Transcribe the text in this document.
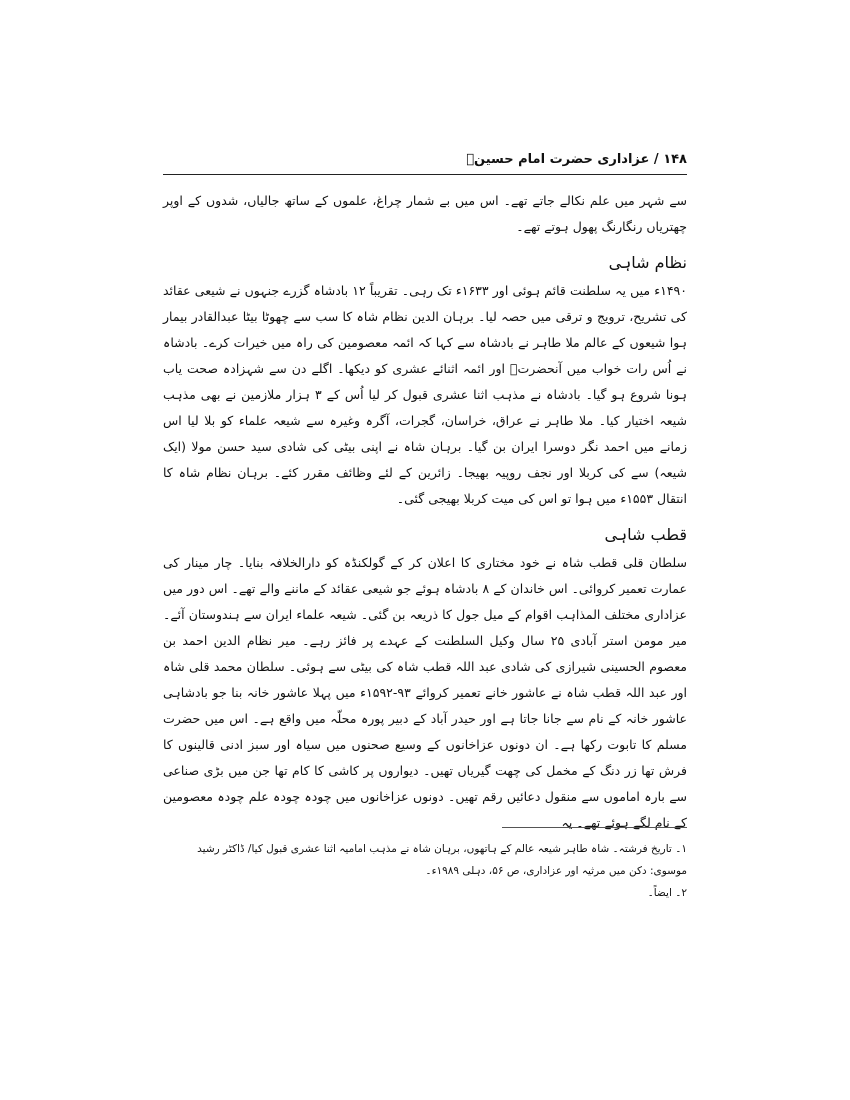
۱۴۸ / عزاداری حضرت امام حسینؑ

سے شہر میں علم نکالے جاتے تھے۔ اس میں بے شمار چراغ، علموں کے ساتھ جالیاں، شدوں کے اوپر چھتریاں رنگارنگ پھول ہوتے تھے۔

نظام شاہی

۱۴۹۰ء میں یہ سلطنت قائم ہوئی اور ۱۶۳۳ء تک رہی۔ تقریباً ۱۲ بادشاہ گزرے جنہوں نے شیعی عقائد کی تشریح، ترویج و ترقی میں حصہ لیا۔ برہان الدین نظام شاہ کا سب سے چھوٹا بیٹا عبدالقادر بیمار ہوا شیعوں کے عالم ملا طاہر نے بادشاہ سے کہا کہ ائمہ معصومین کی راہ میں خیرات کرے۔ بادشاہ نے اُس رات خواب میں آنحضرتؐ اور ائمہ اثنائے عشری کو دیکھا۔ اگلے دن سے شہزادہ صحت یاب ہونا شروع ہو گیا۔ بادشاہ نے مذہب اثنا عشری قبول کر لیا اُس کے ۳ ہزار ملازمین نے بھی مذہب شیعہ اختیار کیا۔ ملا طاہر نے عراق، خراسان، گجرات، آگرہ وغیرہ سے شیعہ علماء کو بلا لیا اس زمانے میں احمد نگر دوسرا ایران بن گیا۔ برہان شاہ نے اپنی بیٹی کی شادی سید حسن مولا (ایک شیعہ) سے کی کربلا اور نجف روپیہ بھیجا۔ زائرین کے لئے وظائف مقرر کئے۔ برہان نظام شاہ کا انتقال ۱۵۵۳ء میں ہوا تو اس کی میت کربلا بھیجی گئی۔

قطب شاہی

سلطان قلی قطب شاہ نے خود مختاری کا اعلان کر کے گولکنڈہ کو دارالخلافہ بنایا۔ چار مینار کی عمارت تعمیر کروائی۔ اس خاندان کے ۸ بادشاہ ہوئے جو شیعی عقائد کے ماننے والے تھے۔ اس دور میں عزاداری مختلف المذاہب اقوام کے میل جول کا ذریعہ بن گئی۔ شیعہ علماء ایران سے ہندوستان آئے۔ میر مومن استر آبادی ۲۵ سال وکیل السلطنت کے عہدے پر فائز رہے۔ میر نظام الدین احمد بن معصوم الحسینی شیرازی کی شادی عبد اللہ قطب شاہ کی بیٹی سے ہوئی۔ سلطان محمد قلی شاہ اور عبد اللہ قطب شاہ نے عاشور خانے تعمیر کروائے ۹۳-۱۵۹۲ء میں پہلا عاشور خانہ بنا جو بادشاہی عاشور خانہ کے نام سے جانا جاتا ہے اور حیدر آباد کے دبیر پورہ محلّہ میں واقع ہے۔ اس میں حضرت مسلم کا تابوت رکھا ہے۔ ان دونوں عزاخانوں کے وسیع صحنوں میں سیاہ اور سبز ادنی قالینوں کا فرش تھا زر دنگ کے مخمل کی چھت گیریاں تھیں۔ دیواروں پر کاشی کا کام تھا جن میں بڑی صناعی سے بارہ اماموں سے منقول دعائیں رقم تھیں۔ دونوں عزاخانوں میں چودہ چودہ علم چودہ معصومین کے نام لگے ہوئے تھے۔ یہ

۱۔ تاریخ فرشتہ۔ شاہ طاہر شیعہ عالم کے ہاتھوں، برہان شاہ نے مذہب امامیہ اثنا عشری قبول کیا/ ڈاکٹر رشید موسوی: دکن میں مرثیہ اور عزاداری، ص ۵۶، دہلی ۱۹۸۹ء۔

۲۔ ایضاً۔
